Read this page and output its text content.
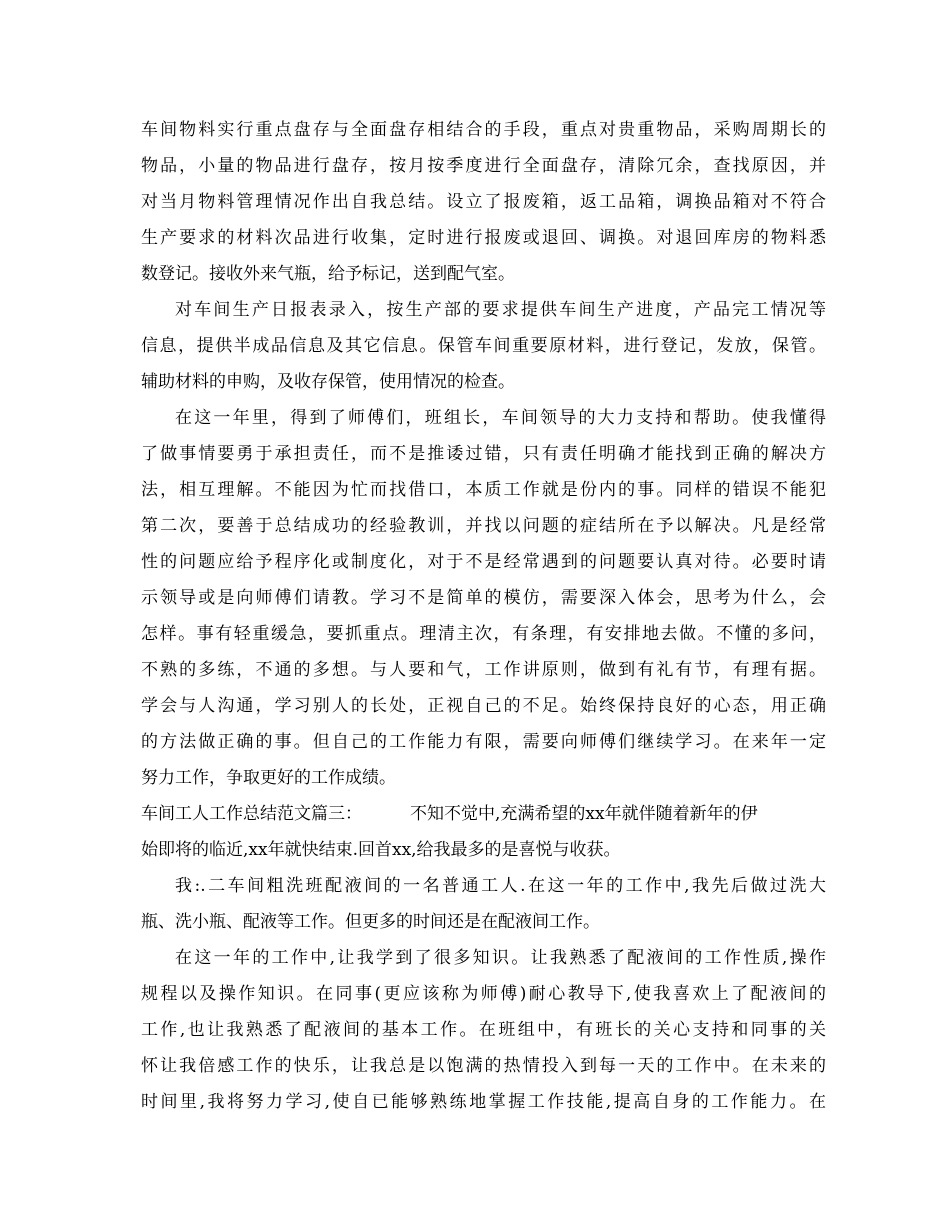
车间物料实行重点盘存与全面盘存相结合的手段，重点对贵重物品，采购周期长的
物品，小量的物品进行盘存，按月按季度进行全面盘存，清除冗余，查找原因，并
对当月物料管理情况作出自我总结。设立了报废箱，返工品箱，调换品箱对不符合
生产要求的材料次品进行收集，定时进行报废或退回、调换。对退回库房的物料悉
数登记。接收外来气瓶，给予标记，送到配气室。
对车间生产日报表录入，按生产部的要求提供车间生产进度，产品完工情况等
信息，提供半成品信息及其它信息。保管车间重要原材料，进行登记，发放，保管。
辅助材料的申购，及收存保管，使用情况的检查。
在这一年里，得到了师傅们，班组长，车间领导的大力支持和帮助。使我懂得
了做事情要勇于承担责任，而不是推诿过错，只有责任明确才能找到正确的解决方
法，相互理解。不能因为忙而找借口，本质工作就是份内的事。同样的错误不能犯
第二次，要善于总结成功的经验教训，并找以问题的症结所在予以解决。凡是经常
性的问题应给予程序化或制度化，对于不是经常遇到的问题要认真对待。必要时请
示领导或是向师傅们请教。学习不是简单的模仿，需要深入体会，思考为什么，会
怎样。事有轻重缓急，要抓重点。理清主次，有条理，有安排地去做。不懂的多问，
不熟的多练，不通的多想。与人要和气，工作讲原则，做到有礼有节，有理有据。
学会与人沟通，学习别人的长处，正视自己的不足。始终保持良好的心态，用正确
的方法做正确的事。但自己的工作能力有限，需要向师傅们继续学习。在来年一定
努力工作，争取更好的工作成绩。
车间工人工作总结范文篇三：	不知不觉中,充满希望的xx年就伴随着新年的伊
始即将的临近,xx年就快结束.回首xx,给我最多的是喜悦与收获。
我:.二车间粗洗班配液间的一名普通工人.在这一年的工作中,我先后做过洗大
瓶、洗小瓶、配液等工作。但更多的时间还是在配液间工作。
在这一年的工作中,让我学到了很多知识。让我熟悉了配液间的工作性质,操作
规程以及操作知识。在同事(更应该称为师傅)耐心教导下,使我喜欢上了配液间的
工作,也让我熟悉了配液间的基本工作。在班组中，有班长的关心支持和同事的关
怀让我倍感工作的快乐，让我总是以饱满的热情投入到每一天的工作中。在未来的
时间里,我将努力学习,使自已能够熟练地掌握工作技能,提高自身的工作能力。在
